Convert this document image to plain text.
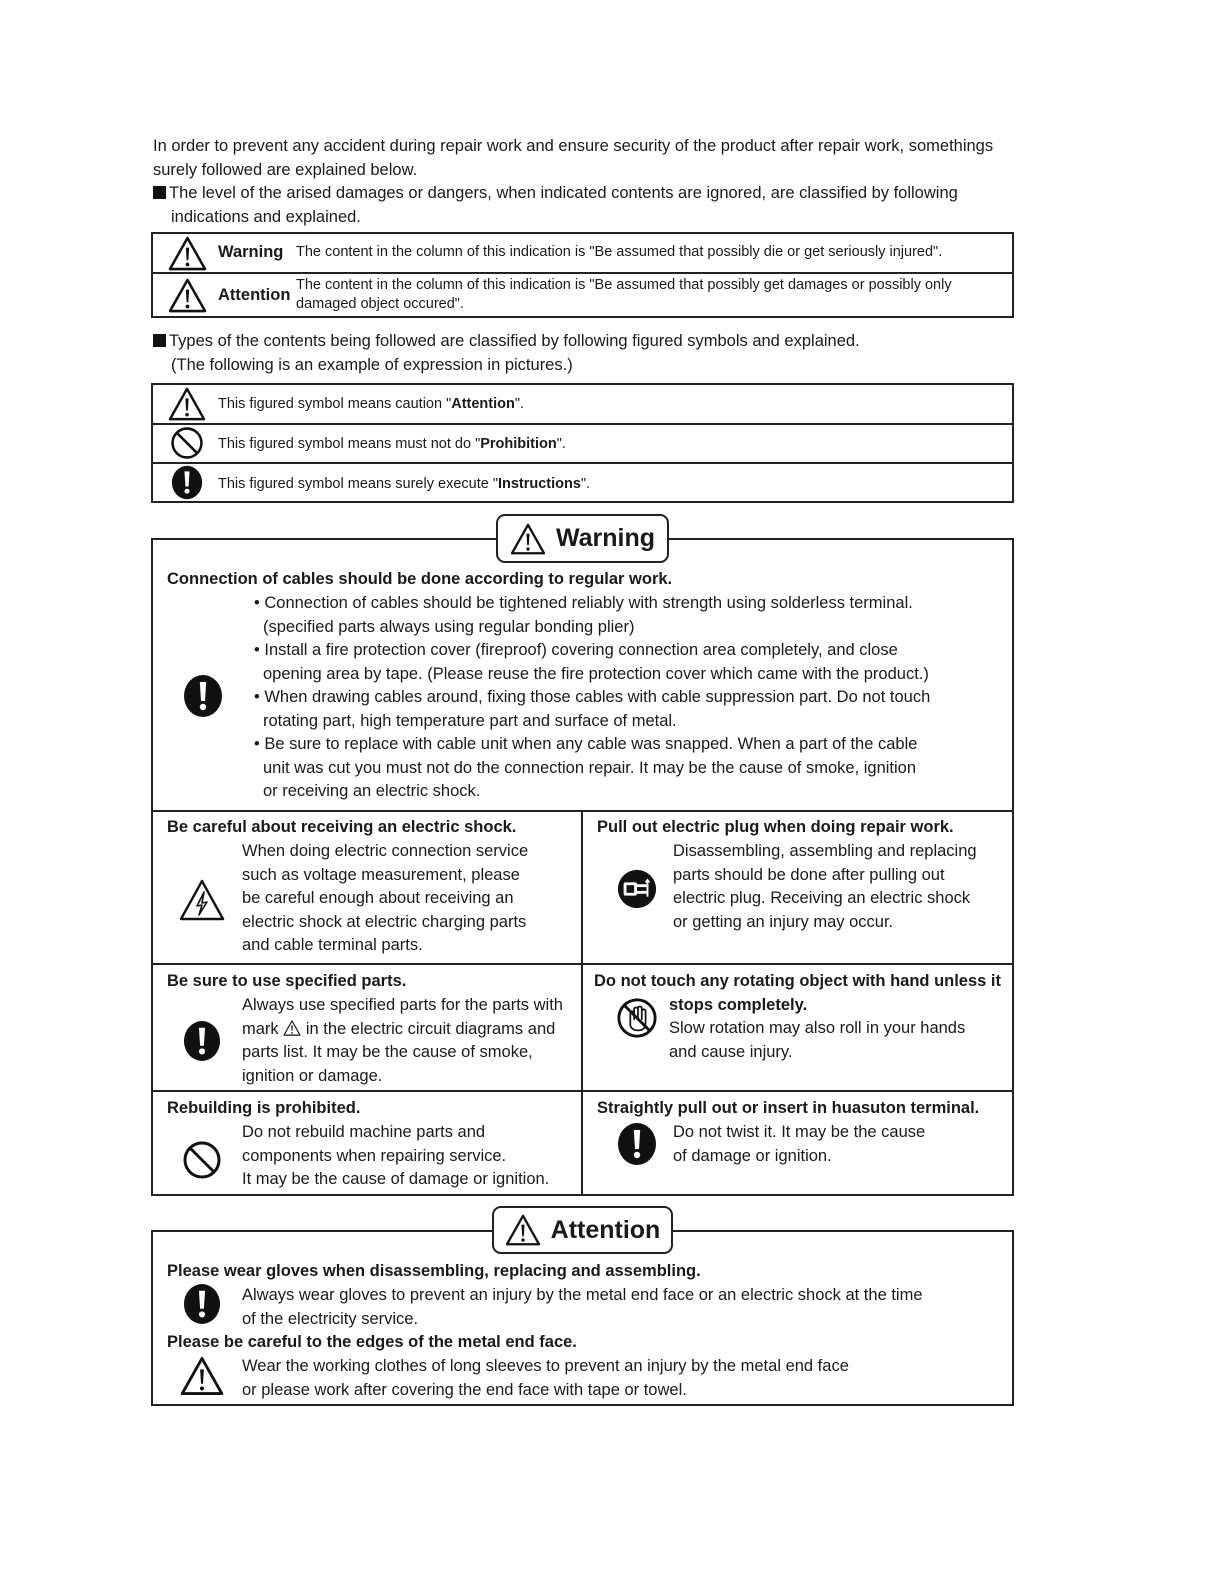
In order to prevent any accident during repair work and ensure security of the product after repair work, somethings
surely followed are explained below.
The level of the arised damages or dangers, when indicated contents are ignored, are classified by following
indications and explained.
Warning The content in the column of this indication is "Be assumed that possibly die or get seriously injured".
Attention
The content in the column of this indication is "Be assumed that possibly get damages or possibly only
damaged object occured".
Types of the contents being followed are classified by following figured symbols and explained.
(The following is an example of expression in pictures.)
This figured symbol means caution "Attention".
This figured symbol means must not do "Prohibition".
This figured symbol means surely execute "Instructions".
Warning
Connection of cables should be done according to regular work.
• Connection of cables should be tightened reliably with strength using solderless terminal.
(specified parts always using regular bonding plier)
• Install a fire protection cover (fireproof) covering connection area completely, and close
opening area by tape. (Please reuse the fire protection cover which came with the product.)
• When drawing cables around, fixing those cables with cable suppression part. Do not touch
rotating part, high temperature part and surface of metal.
• Be sure to replace with cable unit when any cable was snapped. When a part of the cable
unit was cut you must not do the connection repair. It may be the cause of smoke, ignition
or receiving an electric shock.
Be careful about receiving an electric shock.
When doing electric connection service
such as voltage measurement, please
be careful enough about receiving an
electric shock at electric charging parts
and cable terminal parts.
Pull out electric plug when doing repair work.
Disassembling, assembling and replacing
parts should be done after pulling out
electric plug. Receiving an electric shock
or getting an injury may occur.
Be sure to use specified parts.
Always use specified parts for the parts with
mark  in the electric circuit diagrams and
parts list. It may be the cause of smoke,
ignition or damage.
Do not touch any rotating object with hand unless it
stops completely.
Slow rotation may also roll in your hands
and cause injury.
Rebuilding is prohibited.
Do not rebuild machine parts and
components when repairing service.
It may be the cause of damage or ignition.
Straightly pull out or insert in huasuton terminal.
Do not twist it. It may be the cause
of damage or ignition.
Attention
Please wear gloves when disassembling, replacing and assembling.
Always wear gloves to prevent an injury by the metal end face or an electric shock at the time
of the electricity service.
Please be careful to the edges of the metal end face.
Wear the working clothes of long sleeves to prevent an injury by the metal end face
or please work after covering the end face with tape or towel.
